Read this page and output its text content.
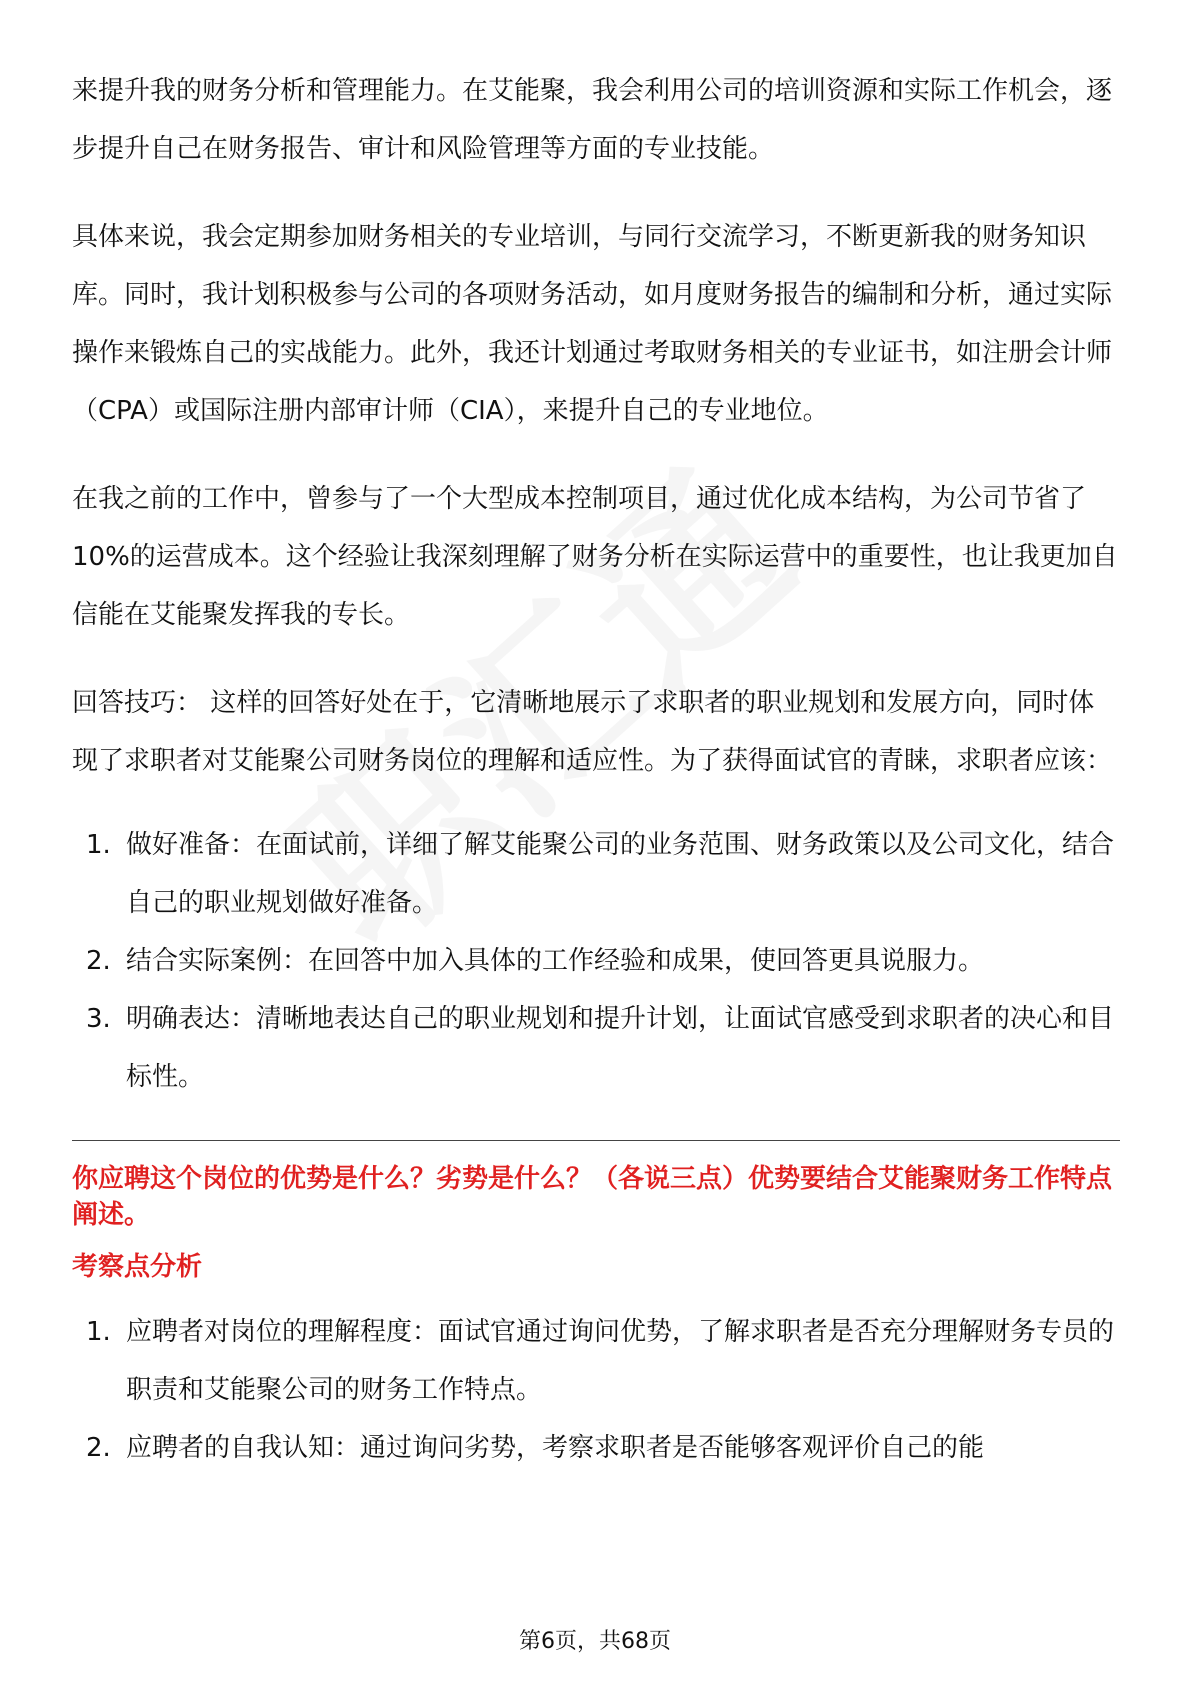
来提升我的财务分析和管理能力。在艾能聚，我会利用公司的培训资源和实际工作机会，逐步提升自己在财务报告、审计和风险管理等方面的专业技能。

具体来说，我会定期参加财务相关的专业培训，与同行交流学习，不断更新我的财务知识库。同时，我计划积极参与公司的各项财务活动，如月度财务报告的编制和分析，通过实际操作来锻炼自己的实战能力。此外，我还计划通过考取财务相关的专业证书，如注册会计师（CPA）或国际注册内部审计师（CIA），来提升自己的专业地位。

在我之前的工作中，曾参与了一个大型成本控制项目，通过优化成本结构，为公司节省了10%的运营成本。这个经验让我深刻理解了财务分析在实际运营中的重要性，也让我更加自信能在艾能聚发挥我的专长。

回答技巧： 这样的回答好处在于，它清晰地展示了求职者的职业规划和发展方向，同时体现了求职者对艾能聚公司财务岗位的理解和适应性。为了获得面试官的青睐，求职者应该：

1. 做好准备：在面试前，详细了解艾能聚公司的业务范围、财务政策以及公司文化，结合自己的职业规划做好准备。
2. 结合实际案例：在回答中加入具体的工作经验和成果，使回答更具说服力。
3. 明确表达：清晰地表达自己的职业规划和提升计划，让面试官感受到求职者的决心和目标性。

你应聘这个岗位的优势是什么？劣势是什么？（各说三点）优势要结合艾能聚财务工作特点阐述。

考察点分析

1. 应聘者对岗位的理解程度：面试官通过询问优势，了解求职者是否充分理解财务专员的职责和艾能聚公司的财务工作特点。
2. 应聘者的自我认知：通过询问劣势，考察求职者是否能够客观评价自己的能
第6页，共68页
